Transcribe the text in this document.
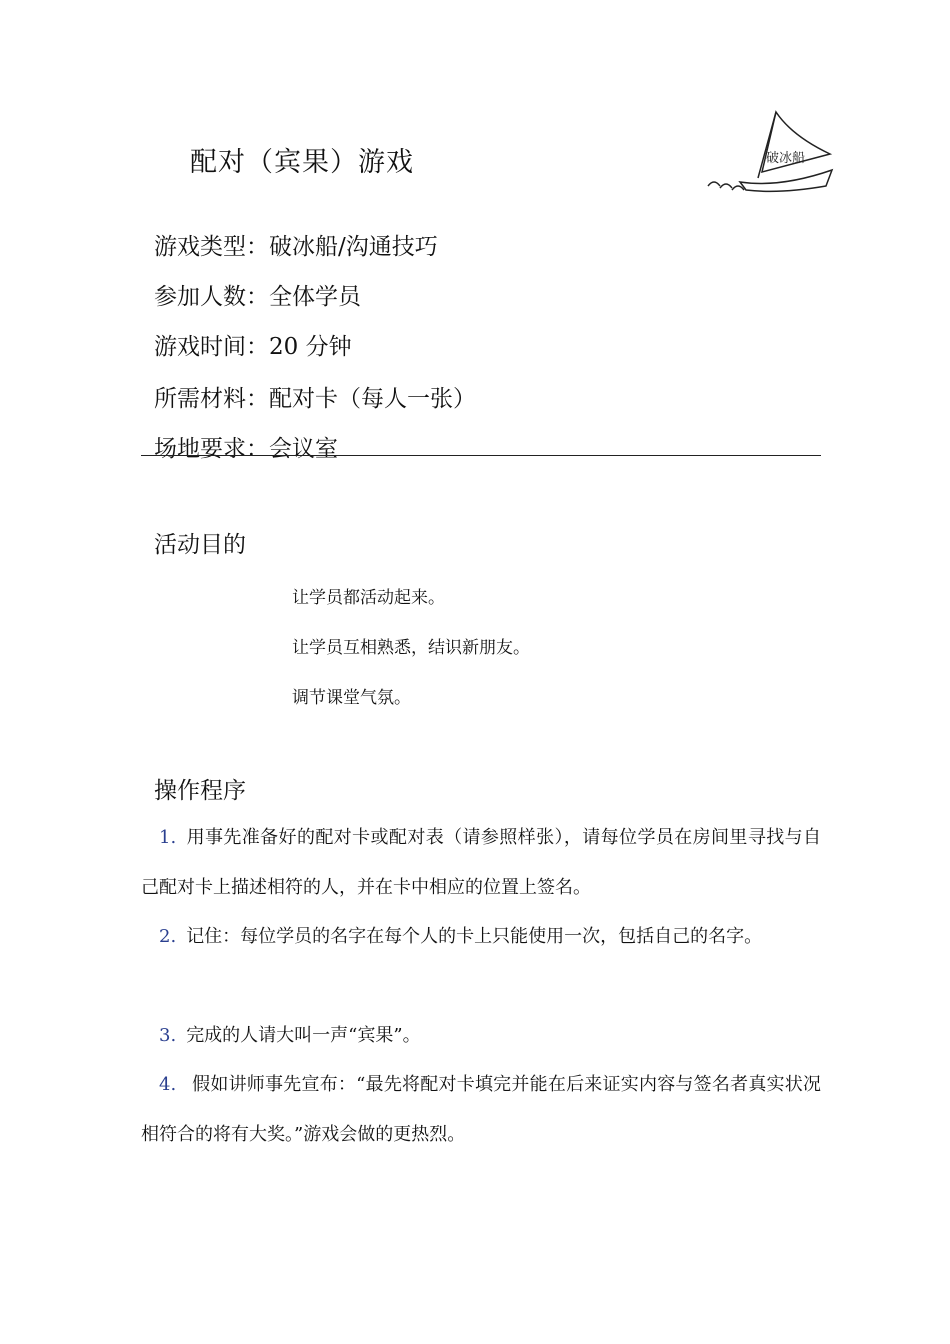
配对（宾果）游戏	破冰船
游戏类型：破冰船/沟通技巧
参加人数：全体学员
游戏时间：20 分钟
所需材料：配对卡（每人一张）
场地要求：会议室
活动目的
让学员都活动起来。
让学员互相熟悉，结识新朋友。
调节课堂气氛。
操作程序
1. 用事先准备好的配对卡或配对表（请参照样张），请每位学员在房间里寻找与自己配对卡上描述相符的人，并在卡中相应的位置上签名。
2. 记住：每位学员的名字在每个人的卡上只能使用一次，包括自己的名字。
3. 完成的人请大叫一声“宾果”。
4. 假如讲师事先宣布：“最先将配对卡填完并能在后来证实内容与签名者真实状况相符合的将有大奖。”游戏会做的更热烈。
